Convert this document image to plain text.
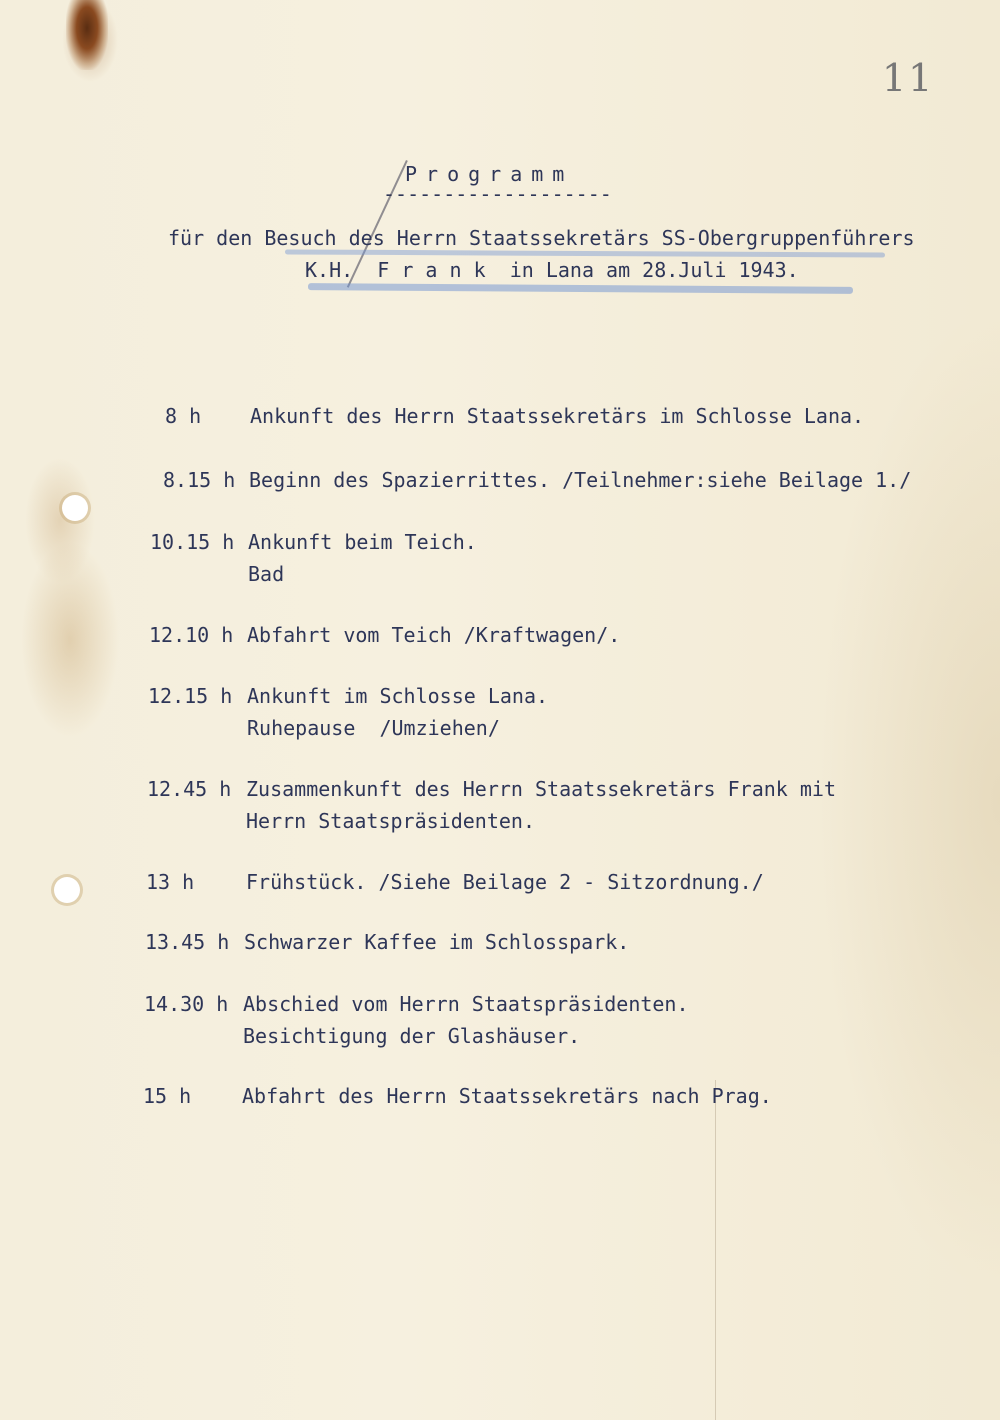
11
Programm
-------------------
für den Besuch des Herrn Staatssekretärs SS-Obergruppenführers
K.H.  F r a n k  in Lana am 28.Juli 1943.

8 h

Ankunft des Herrn Staatssekretärs im Schlosse Lana.

8.15 h

Beginn des Spazierrittes. /Teilnehmer:siehe Beilage 1./

10.15 h

Ankunft beim Teich.

Bad

12.10 h

Abfahrt vom Teich /Kraftwagen/.

12.15 h

Ankunft im Schlosse Lana.

Ruhepause  /Umziehen/

12.45 h

Zusammenkunft des Herrn Staatssekretärs Frank mit

Herrn Staatspräsidenten.

13 h

	Frühstück. /Siehe Beilage 2 - Sitzordnung./

13.45 h

Schwarzer Kaffee im Schlosspark.

14.30 h

Abschied vom Herrn Staatspräsidenten.

Besichtigung der Glashäuser.

15 h

	Abfahrt des Herrn Staatssekretärs nach Prag.
